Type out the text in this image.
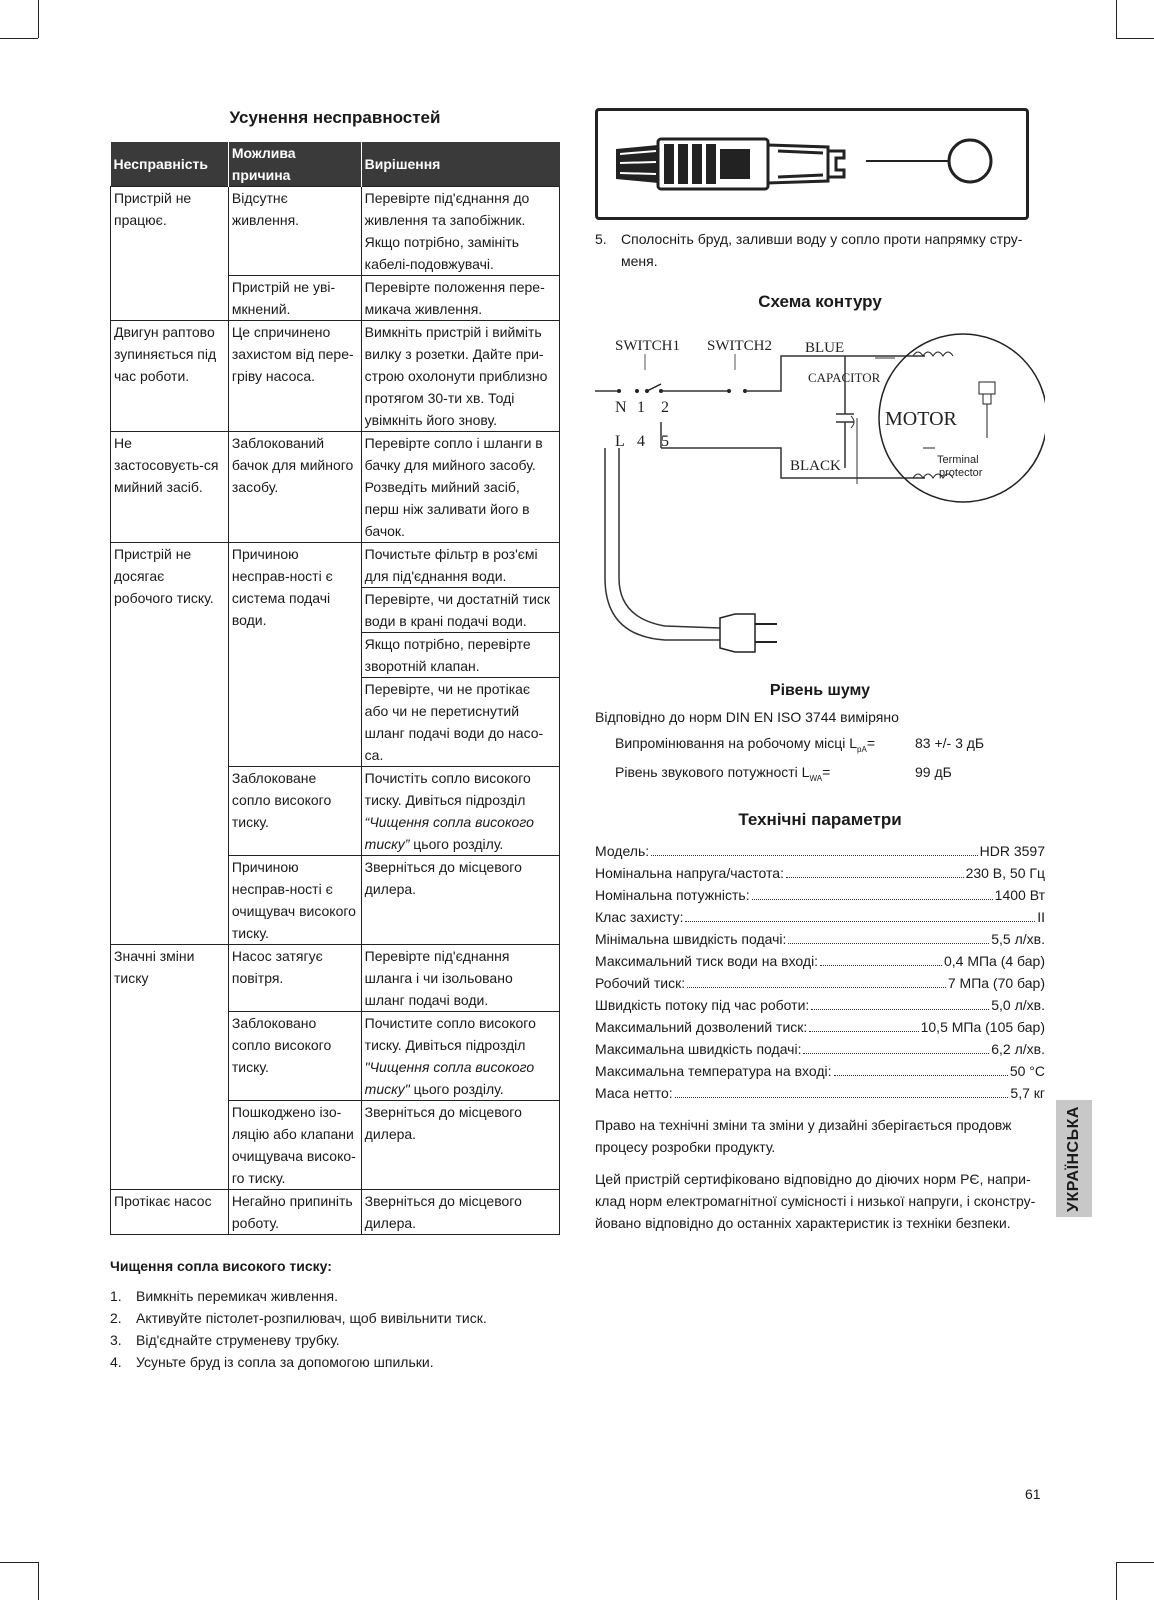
Усунення несправностей
Несправність	Можлива причина	Вирішення
Пристрій не працює.	Відсутнє живлення.	Перевірте під'єднання до живлення та запобіжник. Якщо потрібно, замініть кабелі-подовжувачі.
	Пристрій не уві-мкнений.	Перевірте положення пере-микача живлення.
Двигун раптово зупиняється під час роботи.	Це спричинено захистом від пере-гріву насоса.	Вимкніть пристрій і вийміть вилку з розетки. Дайте при-строю охолонути приблизно протягом 30-ти хв. Тоді увімкніть його знову.
Не застосовуєть-ся мийний засіб.	Заблокований бачок для мийного засобу.	Перевірте сопло і шланги в бачку для мийного засобу. Розведіть мийний засіб, перш ніж заливати його в бачок.
Пристрій не досягає робочого тиску.	Причиною несправ-ності є система подачі води.	Почистьте фільтр в роз'ємі для під'єднання води.
		Перевірте, чи достатній тиск води в крані подачі води.
		Якщо потрібно, перевірте зворотній клапан.
		Перевірте, чи не протікає або чи не перетиснутий шланг подачі води до насо-са.
	Заблоковане сопло високого тиску.	Почистіть сопло високого тиску. Дивіться підрозділ
“Чищення сопла високого тиску” цього розділу.
	Причиною несправ-ності є очищувач високого тиску.	Зверніться до місцевого дилера.
Значні зміни тиску	Насос затягує повітря.	Перевірте під'єднання шланга і чи ізольовано шланг подачі води.
	Заблоковано сопло високого тиску.	Почистите сопло високого тиску. Дивіться підрозділ
"Чищення сопла високого тиску" цього розділу.
	Пошкоджено ізо-ляцію або клапани очищувача високо-го тиску.	Зверніться до місцевого дилера.
Протікає насос	Негайно припиніть роботу.	Зверніться до місцевого дилера.
Чищення сопла високого тиску:
1.	Вимкніть перемикач живлення.
2.	Активуйте пістолет-розпилювач, щоб вивільнити тиск.
3.	Від'єднайте струменеву трубку.
4.	Усуньте бруд із сопла за допомогою шпильки.
5.	Сполосніть бруд, заливши воду у сопло проти напрямку стру-меня.
Схема контуру
SWITCH1 SWITCH2 BLUE
N 1 2
L 4 5
CAPACITOR
BLACK
MOTOR
Terminal
protector
Рівень шуму
Відповідно до норм DIN EN ISO 3744 виміряно
Випромінювання на робочому місці $L_{pA}=$	83 +/- 3 дБ
Рівень звукового потужності $L_{WA}=$	99 дБ
Технічні параметри
Модель:	HDR 3597
Номінальна напруга/частота:	230 В, 50 Гц
Номінальна потужність:	1400 Вт
Клас захисту:	II
Мінімальна швидкість подачі:	5,5 л/хв.
Максимальний тиск води на вході:	0,4 МПа (4 бар)
Робочий тиск:	7 МПа (70 бар)
Швидкість потоку під час роботи:	5,0 л/хв.
Максимальний дозволений тиск:	10,5 МПа (105 бар)
Максимальна швидкість подачі:	6,2 л/хв.
Максимальна температура на вході:	50 °C
Маса нетто:	5,7 кг
Право на технічні зміни та зміни у дизайні зберігається продовж процесу розробки продукту.
Цей пристрій сертифіковано відповідно до діючих норм РЄ, напри-клад норм електромагнітної сумісності і низької напруги, і сконстру-йовано відповідно до останніх характеристик із техніки безпеки.
УКРАЇНСЬКА
61
